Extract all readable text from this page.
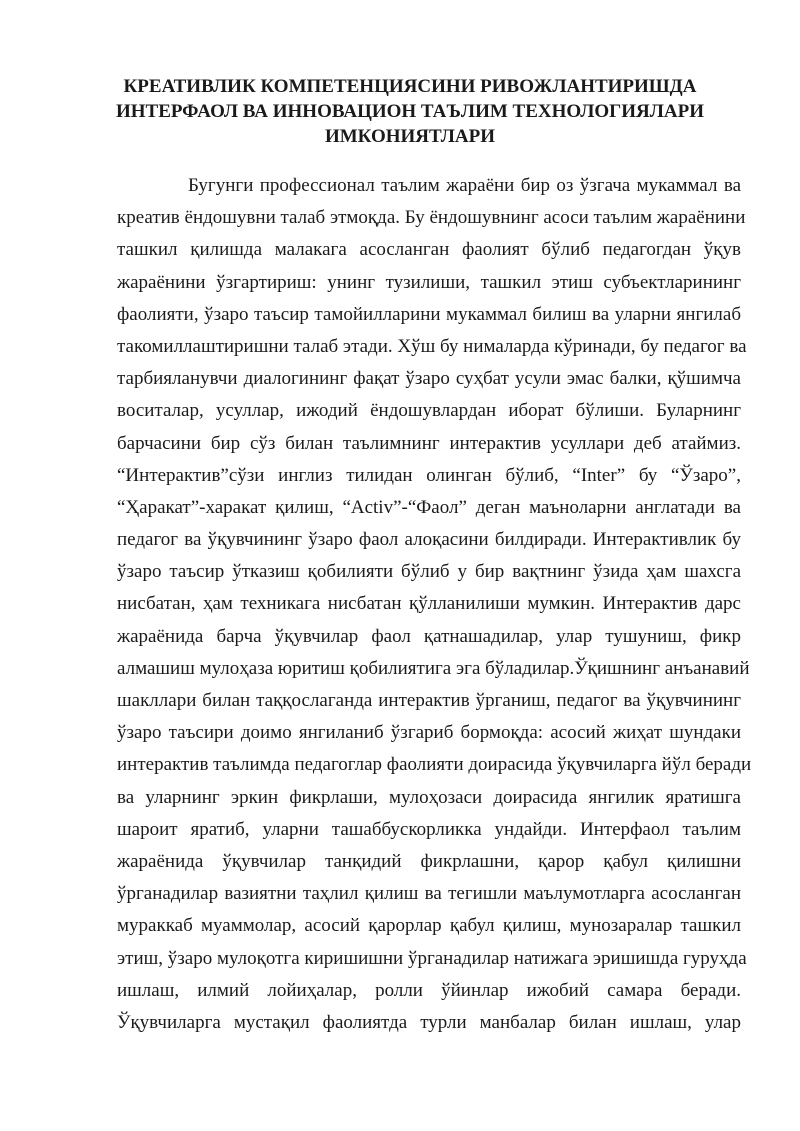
КРЕАТИВЛИК КОМПЕТЕНЦИЯСИНИ РИВОЖЛАНТИРИШДА
ИНТЕРФАОЛ ВА ИННОВАЦИОН ТАЪЛИМ ТЕХНОЛОГИЯЛАРИ
ИМКОНИЯТЛАРИ
Бугунги профессионал таълим жараёни бир оз ўзгача мукаммал ва
креатив ёндошувни талаб этмоқда. Бу ёндошувнинг асоси таълим жараёнини
ташкил қилишда малакага асосланган фаолият бўлиб педагогдан ўқув
жараёнини ўзгартириш: унинг тузилиши, ташкил этиш субъектларининг
фаолияти, ўзаро таъсир тамойилларини мукаммал билиш ва уларни янгилаб
такомиллаштиришни талаб этади. Хўш бу нималарда кўринади, бу педагог ва
тарбияланувчи диалогининг фақат ўзаро суҳбат усули эмас балки, қўшимча
воситалар, усуллар, ижодий ёндошувлардан иборат бўлиши. Буларнинг
барчасини бир сўз билан таълимнинг интерактив усуллари деб атаймиз.
“Интерактив”сўзи инглиз тилидан олинган бўлиб, “Inter” бу “Ўзаро”,
“Ҳаракат”-харакат қилиш, “Activ”-“Фаол” деган маъноларни англатади ва
педагог ва ўқувчининг ўзаро фаол алоқасини билдиради. Интерактивлик бу
ўзаро таъсир ўтказиш қобилияти бўлиб у бир вақтнинг ўзида ҳам шахсга
нисбатан, ҳам техникага нисбатан қўлланилиши мумкин. Интерактив дарс
жараёнида барча ўқувчилар фаол қатнашадилар, улар тушуниш, фикр
алмашиш мулоҳаза юритиш қобилиятига эга бўладилар.Ўқишнинг анъанавий
шакллари билан таққослаганда интерактив ўрганиш, педагог ва ўқувчининг
ўзаро таъсири доимо янгиланиб ўзгариб бормоқда: асосий жиҳат шундаки
интерактив таълимда педагоглар фаолияти доирасида ўқувчиларга йўл беради
ва уларнинг эркин фикрлаши, мулоҳозаси доирасида янгилик яратишга
шароит яратиб, уларни ташаббускорликка ундайди. Интерфаол таълим
жараёнида ўқувчилар танқидий фикрлашни, қарор қабул қилишни
ўрганадилар вазиятни таҳлил қилиш ва тегишли маълумотларга асосланган
мураккаб муаммолар, асосий қарорлар қабул қилиш, мунозаралар ташкил
этиш, ўзаро мулоқотга киришишни ўрганадилар натижага эришишда гуруҳда
ишлаш, илмий лойиҳалар, ролли ўйинлар ижобий самара беради.
Ўқувчиларга мустақил фаолиятда турли манбалар билан ишлаш, улар
